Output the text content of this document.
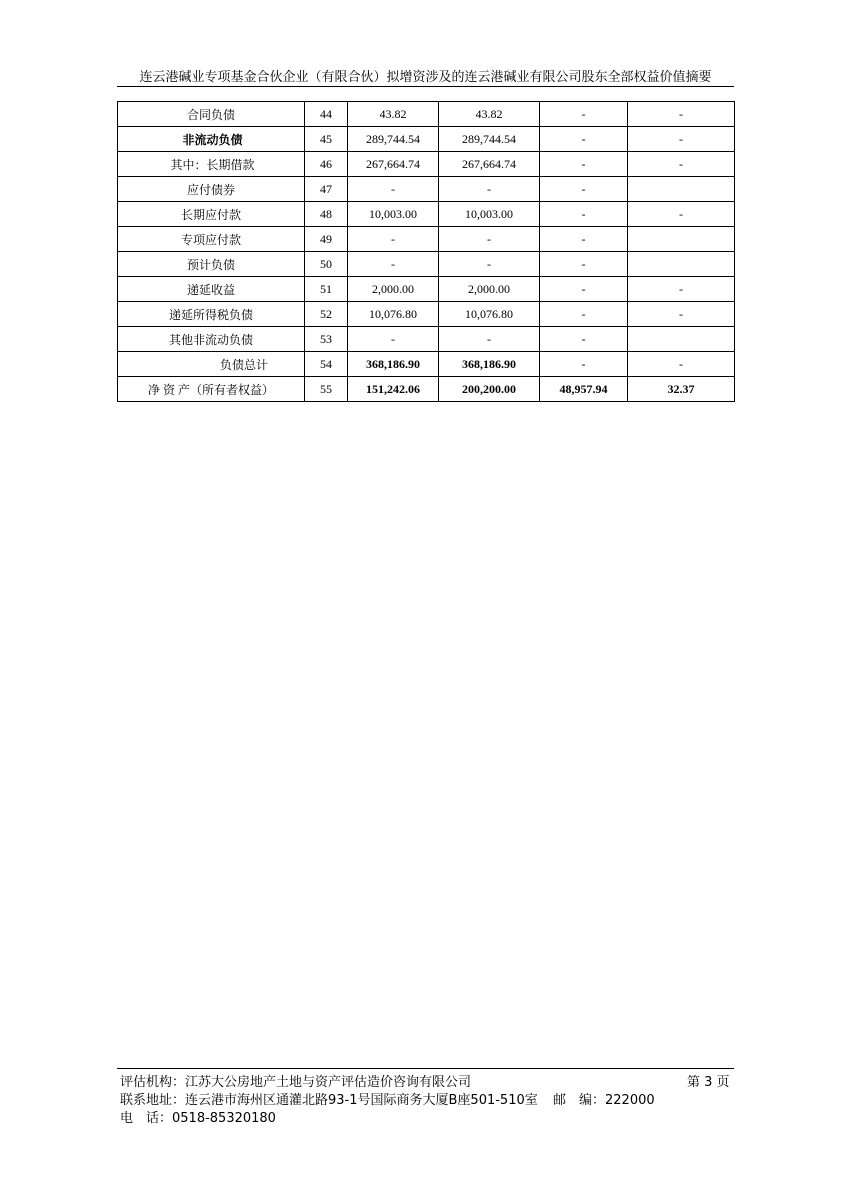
连云港碱业专项基金合伙企业（有限合伙）拟增资涉及的连云港碱业有限公司股东全部权益价值摘要
合同负债	44	43.82	43.82	-	-
非流动负债	45	289,744.54	289,744.54	-	-
其中：长期借款	46	267,664.74	267,664.74	-	-
应付债券	47	-	-	-	
长期应付款	48	10,003.00	10,003.00	-	-
专项应付款	49	-	-	-	
预计负债	50	-	-	-	
递延收益	51	2,000.00	2,000.00	-	-
递延所得税负债	52	10,076.80	10,076.80	-	-
其他非流动负债	53	-	-	-	
负债总计	54	368,186.90	368,186.90	-	-
净 资 产（所有者权益）	55	151,242.06	200,200.00	48,957.94	32.37
评估机构：江苏大公房地产土地与资产评估造价咨询有限公司	第 3 页
联系地址：连云港市海州区通灌北路93-1号国际商务大厦B座501-510室 邮　编：222000
电　话：0518-85320180
